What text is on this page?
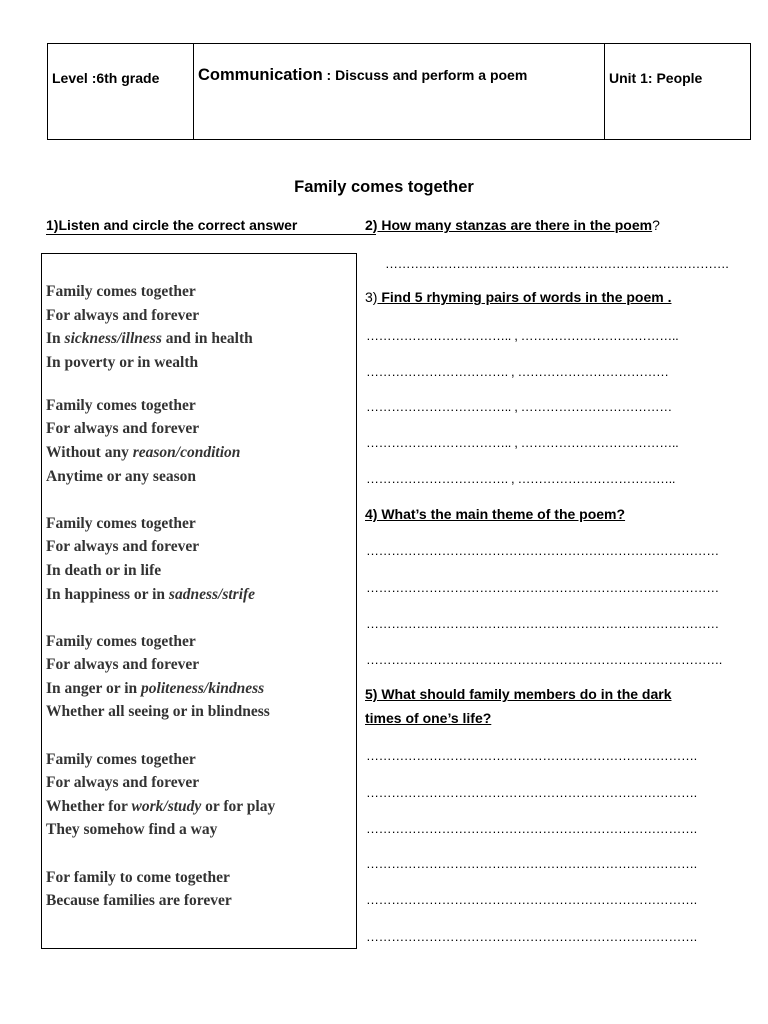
Level :6th grade	Communication : Discuss and perform a poem	Unit 1: People
Family comes together
1)Listen and circle the correct answer
Family comes together
For always and forever
In sickness/illness and in health
In poverty or in wealth
Family comes together
For always and forever
Without any reason/condition
Anytime or any season
Family comes together
For always and forever
In death or in life
In happiness or in sadness/strife
Family comes together
For always and forever
In anger or in politeness/kindness
Whether all seeing or in blindness
Family comes together
For always and forever
Whether for work/study or for play
They somehow find a way
For family to come together
Because families are forever
2) How many stanzas are there in the poem?
……………………………………………………………………….
3) Find 5 rhyming pairs of words in the poem .
…………………………….. , ………………………………..
……………………………. , ………………………………
…………………………….. , ………………………………
…………………………….. , ………………………………..
……………………………. , ………………………………..
4) What’s the main theme of the poem?
…………………………………………………………………………
…………………………………………………………………………
…………………………………………………………………………
………………………………………………………………………….
5) What should family members do in the dark
times of one’s life?
…………………………………………………………………….
…………………………………………………………………….
…………………………………………………………………….
…………………………………………………………………….
…………………………………………………………………….
…………………………………………………………………….
